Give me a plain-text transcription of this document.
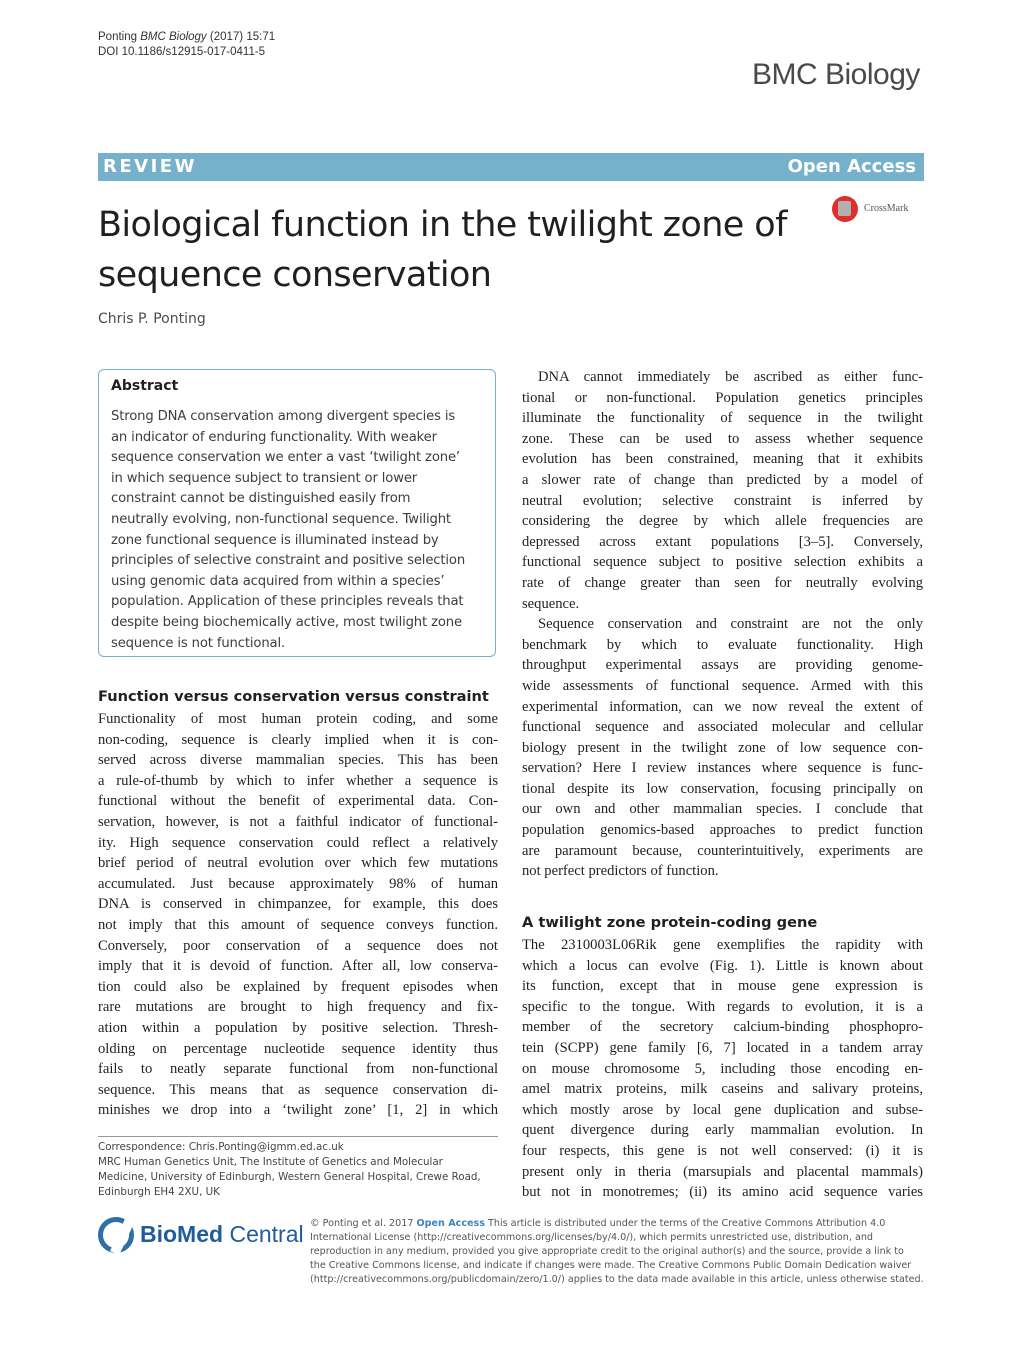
Ponting BMC Biology (2017) 15:71
DOI 10.1186/s12915-017-0411-5
BMC Biology
REVIEW	Open Access
Biological function in the twilight zone of
sequence conservation
CrossMark
Chris P. Ponting
Abstract
Strong DNA conservation among divergent species is
an indicator of enduring functionality. With weaker
sequence conservation we enter a vast ‘twilight zone’
in which sequence subject to transient or lower
constraint cannot be distinguished easily from
neutrally evolving, non-functional sequence. Twilight
zone functional sequence is illuminated instead by
principles of selective constraint and positive selection
using genomic data acquired from within a species’
population. Application of these principles reveals that
despite being biochemically active, most twilight zone
sequence is not functional.
Function versus conservation versus constraint
Functionality of most human protein coding, and some
non-coding, sequence is clearly implied when it is con-
served across diverse mammalian species. This has been
a rule-of-thumb by which to infer whether a sequence is
functional without the benefit of experimental data. Con-
servation, however, is not a faithful indicator of functional-
ity. High sequence conservation could reflect a relatively
brief period of neutral evolution over which few mutations
accumulated. Just because approximately 98% of human
DNA is conserved in chimpanzee, for example, this does
not imply that this amount of sequence conveys function.
Conversely, poor conservation of a sequence does not
imply that it is devoid of function. After all, low conserva-
tion could also be explained by frequent episodes when
rare mutations are brought to high frequency and fix-
ation within a population by positive selection. Thresh-
olding on percentage nucleotide sequence identity thus
fails to neatly separate functional from non-functional
sequence. This means that as sequence conservation di-
minishes we drop into a ‘twilight zone’ [1, 2] in which
DNA cannot immediately be ascribed as either func-
tional or non-functional. Population genetics principles
illuminate the functionality of sequence in the twilight
zone. These can be used to assess whether sequence
evolution has been constrained, meaning that it exhibits
a slower rate of change than predicted by a model of
neutral evolution; selective constraint is inferred by
considering the degree by which allele frequencies are
depressed across extant populations [3–5]. Conversely,
functional sequence subject to positive selection exhibits a
rate of change greater than seen for neutrally evolving
sequence.
Sequence conservation and constraint are not the only
benchmark by which to evaluate functionality. High
throughput experimental assays are providing genome-
wide assessments of functional sequence. Armed with this
experimental information, can we now reveal the extent of
functional sequence and associated molecular and cellular
biology present in the twilight zone of low sequence con-
servation? Here I review instances where sequence is func-
tional despite its low conservation, focusing principally on
our own and other mammalian species. I conclude that
population genomics-based approaches to predict function
are paramount because, counterintuitively, experiments are
not perfect predictors of function.
A twilight zone protein-coding gene
The 2310003L06Rik gene exemplifies the rapidity with
which a locus can evolve (Fig. 1). Little is known about
its function, except that in mouse gene expression is
specific to the tongue. With regards to evolution, it is a
member of the secretory calcium-binding phosphopro-
tein (SCPP) gene family [6, 7] located in a tandem array
on mouse chromosome 5, including those encoding en-
amel matrix proteins, milk caseins and salivary proteins,
which mostly arose by local gene duplication and subse-
quent divergence during early mammalian evolution. In
four respects, this gene is not well conserved: (i) it is
present only in theria (marsupials and placental mammals)
but not in monotremes; (ii) its amino acid sequence varies
Correspondence: Chris.Ponting@igmm.ed.ac.uk
MRC Human Genetics Unit, The Institute of Genetics and Molecular
Medicine, University of Edinburgh, Western General Hospital, Crewe Road,
Edinburgh EH4 2XU, UK
BioMed Central © Ponting et al. 2017 Open Access This article is distributed under the terms of the Creative Commons Attribution 4.0
International License (http://creativecommons.org/licenses/by/4.0/), which permits unrestricted use, distribution, and
reproduction in any medium, provided you give appropriate credit to the original author(s) and the source, provide a link to
the Creative Commons license, and indicate if changes were made. The Creative Commons Public Domain Dedication waiver
(http://creativecommons.org/publicdomain/zero/1.0/) applies to the data made available in this article, unless otherwise stated.
